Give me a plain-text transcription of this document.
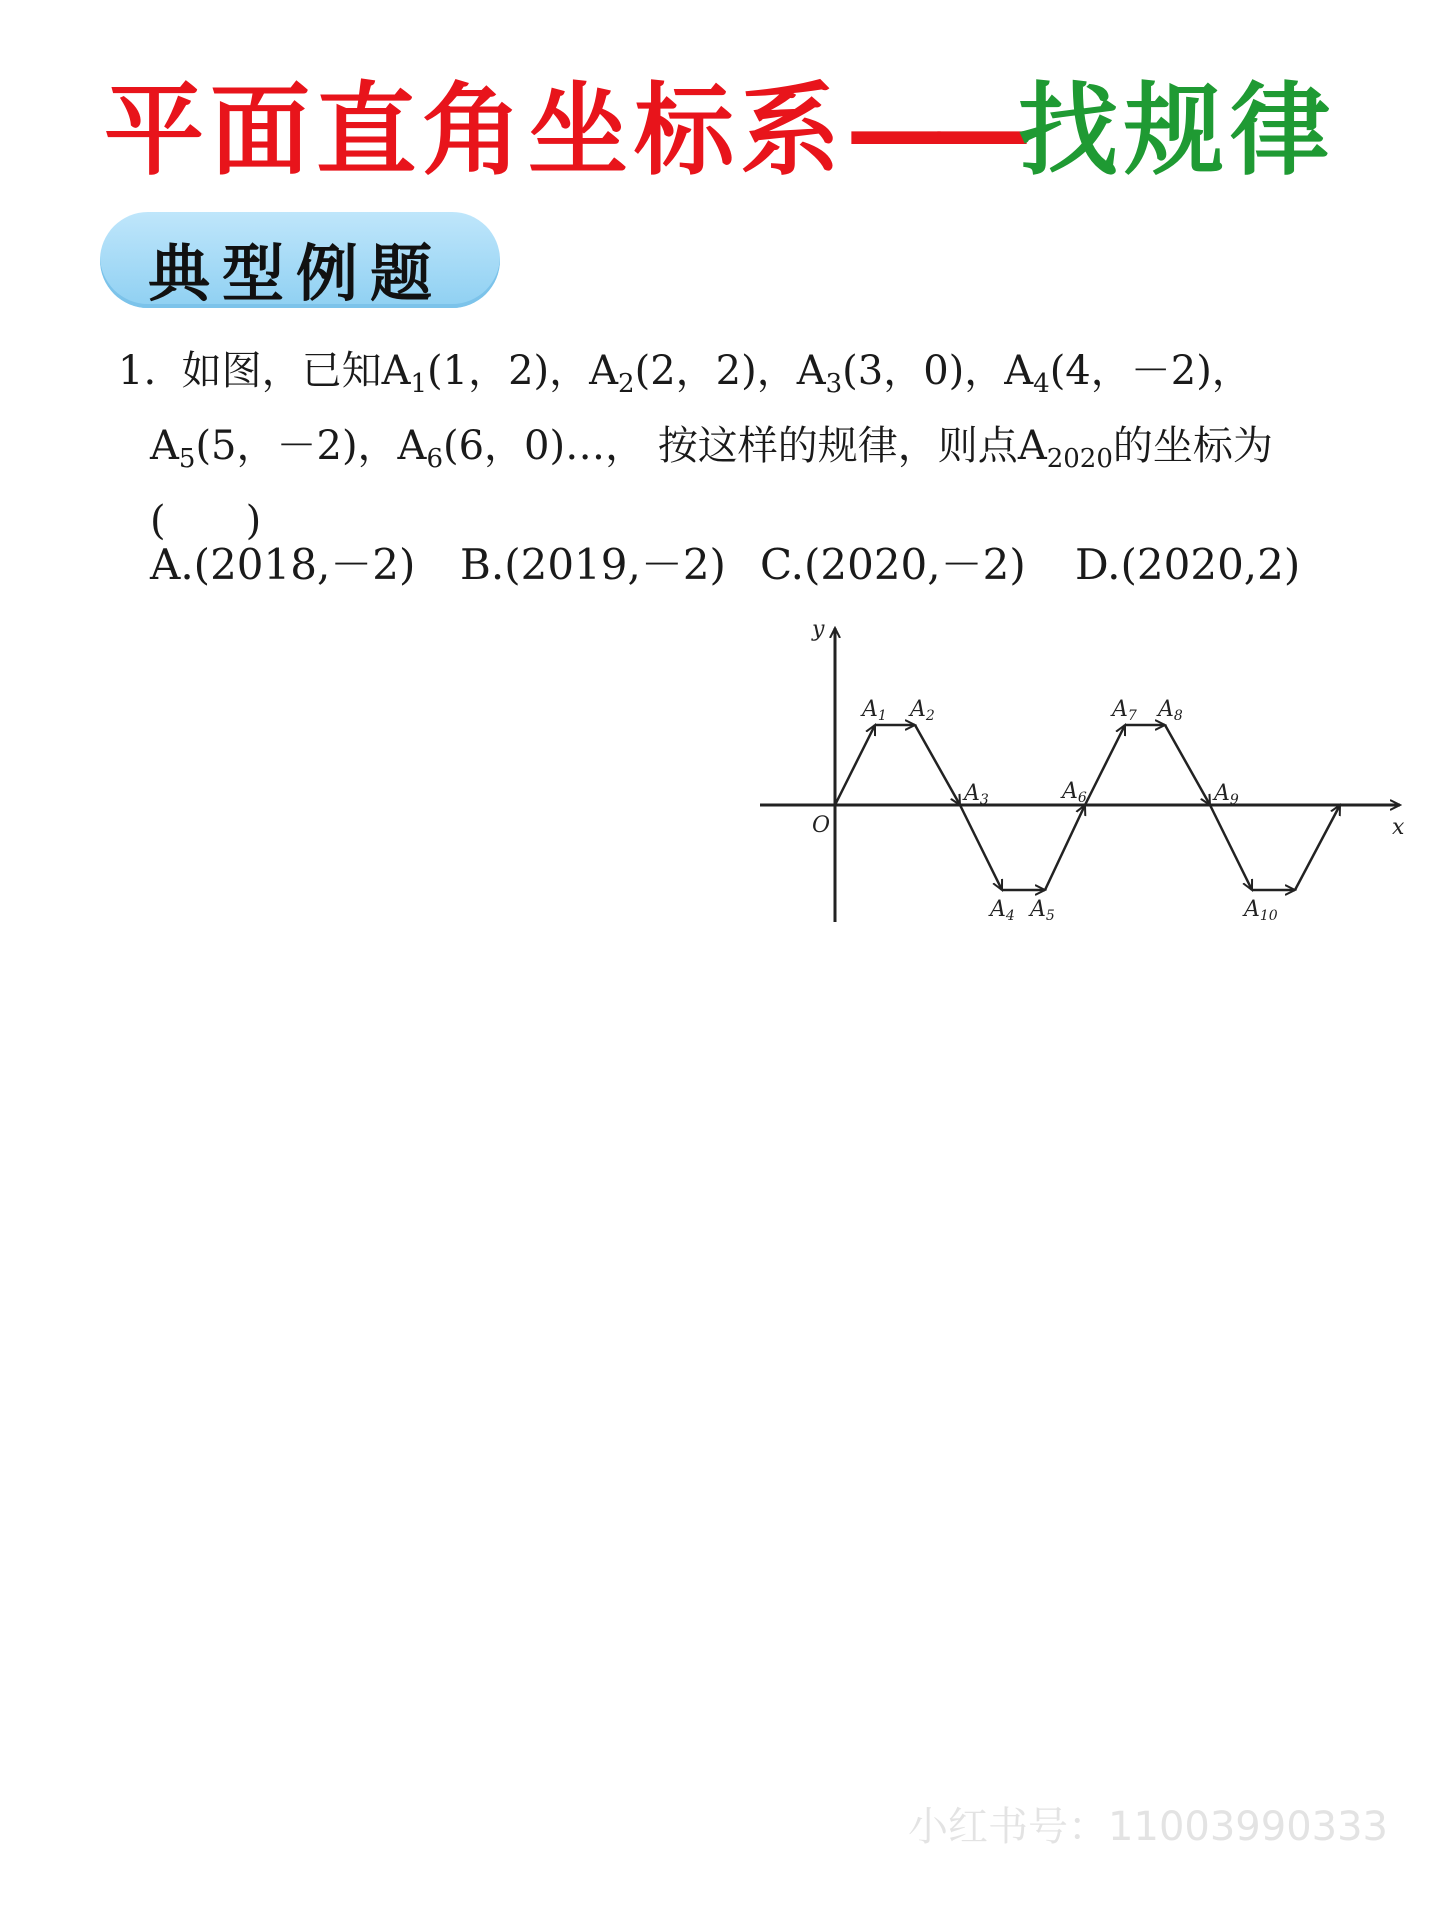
平面直角坐标系——找规律
典型例题
1. 如图，已知$A_1(1$，2)，$A_2(2$，2)，$A_3(3$，0)，$A_4(4$，－2)，
$A_5(5$，－2)，$A_6(6$，0)…， 按这样的规律，则点$A_{2020}$的坐标为
(　　)
A.(2018,－2) B.(2019,－2) C.(2020,－2) D.(2020,2)
y
x
O
A1 A2
A3
A4 A5
A6
A7 A8
A9
A10
小红书号：11003990333
